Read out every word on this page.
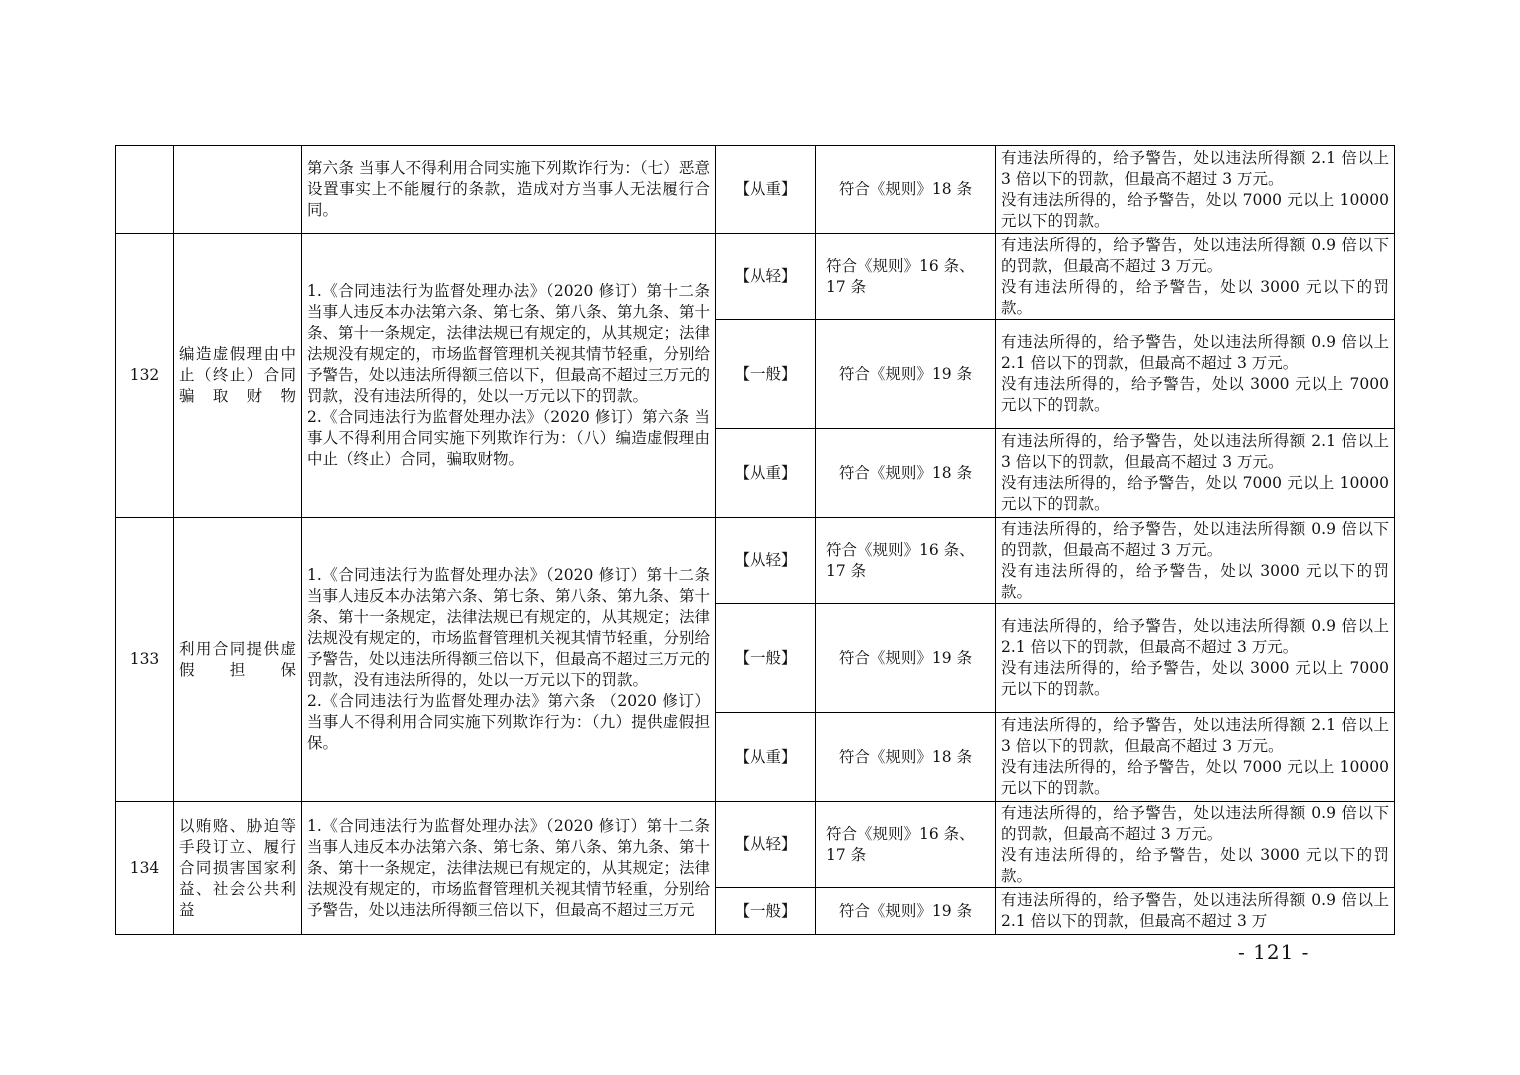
		第六条 当事人不得利用合同实施下列欺诈行为：（七）恶意设置事实上不能履行的条款，造成对方当事人无法履行合同。	【从重】	符合《规则》18 条	有违法所得的，给予警告，处以违法所得额 2.1 倍以上 3 倍以下的罚款，但最高不超过 3 万元。
没有违法所得的，给予警告，处以 7000 元以上 10000 元以下的罚款。

132	编造虚假理由中止（终止）合同骗取财物	1.《合同违法行为监督处理办法》（2020 修订）第十二条 当事人违反本办法第六条、第七条、第八条、第九条、第十条、第十一条规定，法律法规已有规定的，从其规定；法律法规没有规定的，市场监督管理机关视其情节轻重，分别给予警告，处以违法所得额三倍以下，但最高不超过三万元的罚款，没有违法所得的，处以一万元以下的罚款。
2.《合同违法行为监督处理办法》（2020 修订）第六条 当事人不得利用合同实施下列欺诈行为：（八）编造虚假理由中止（终止）合同，骗取财物。	【从轻】	符合《规则》16 条、17 条	有违法所得的，给予警告，处以违法所得额 0.9 倍以下的罚款，但最高不超过 3 万元。
没有违法所得的，给予警告，处以 3000 元以下的罚款。

			【一般】	符合《规则》19 条	有违法所得的，给予警告，处以违法所得额 0.9 倍以上 2.1 倍以下的罚款，但最高不超过 3 万元。
没有违法所得的，给予警告，处以 3000 元以上 7000 元以下的罚款。

			【从重】	符合《规则》18 条	有违法所得的，给予警告，处以违法所得额 2.1 倍以上 3 倍以下的罚款，但最高不超过 3 万元。
没有违法所得的，给予警告，处以 7000 元以上 10000 元以下的罚款。

133	利用合同提供虚假担保	1.《合同违法行为监督处理办法》（2020 修订）第十二条 当事人违反本办法第六条、第七条、第八条、第九条、第十条、第十一条规定，法律法规已有规定的，从其规定；法律法规没有规定的，市场监督管理机关视其情节轻重，分别给予警告，处以违法所得额三倍以下，但最高不超过三万元的罚款，没有违法所得的，处以一万元以下的罚款。
2.《合同违法行为监督处理办法》第六条 （2020 修订）当事人不得利用合同实施下列欺诈行为：（九）提供虚假担保。	【从轻】	符合《规则》16 条、17 条	有违法所得的，给予警告，处以违法所得额 0.9 倍以下的罚款，但最高不超过 3 万元。
没有违法所得的，给予警告，处以 3000 元以下的罚款。

			【一般】	符合《规则》19 条	有违法所得的，给予警告，处以违法所得额 0.9 倍以上 2.1 倍以下的罚款，但最高不超过 3 万元。
没有违法所得的，给予警告，处以 3000 元以上 7000 元以下的罚款。

			【从重】	符合《规则》18 条	有违法所得的，给予警告，处以违法所得额 2.1 倍以上 3 倍以下的罚款，但最高不超过 3 万元。
没有违法所得的，给予警告，处以 7000 元以上 10000 元以下的罚款。

134	以贿赂、胁迫等手段订立、履行合同损害国家利益、社会公共利益	1.《合同违法行为监督处理办法》（2020 修订）第十二条 当事人违反本办法第六条、第七条、第八条、第九条、第十条、第十一条规定，法律法规已有规定的，从其规定；法律法规没有规定的，市场监督管理机关视其情节轻重，分别给予警告，处以违法所得额三倍以下，但最高不超过三万元	【从轻】	符合《规则》16 条、17 条	有违法所得的，给予警告，处以违法所得额 0.9 倍以下的罚款，但最高不超过 3 万元。
没有违法所得的，给予警告，处以 3000 元以下的罚款。

			【一般】	符合《规则》19 条	有违法所得的，给予警告，处以违法所得额 0.9 倍以上 2.1 倍以下的罚款，但最高不超过 3 万
- 121 -
